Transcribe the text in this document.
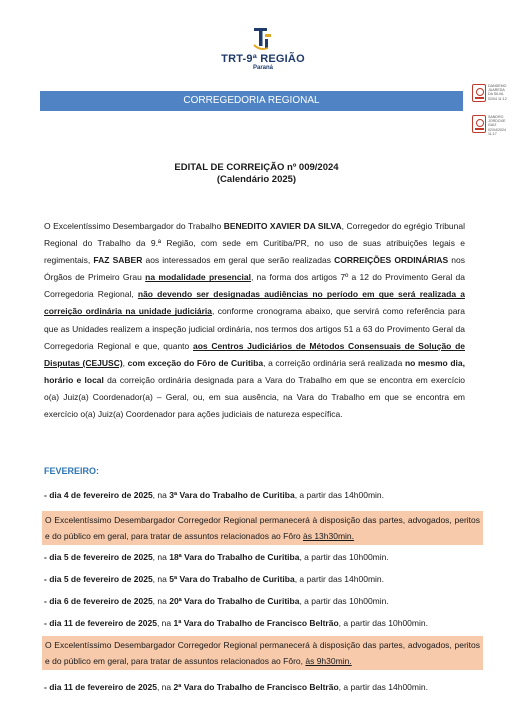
TRT-9ª REGIÃO
Paraná
CORREGEDORIA REGIONAL
DANDEMO JUAREDA DA SILVA 02/04 11:12
SANDRO JORDOXE GAIZ 02/04/2024 11:17
EDITAL DE CORREIÇÃO nº 009/2024
(Calendário 2025)
O Excelentíssimo Desembargador do Trabalho BENEDITO XAVIER DA SILVA, Corregedor do egrégio Tribunal Regional do Trabalho da 9.ª Região, com sede em Curitiba/PR, no uso de suas atribuições legais e regimentais, FAZ SABER aos interessados em geral que serão realizadas CORREIÇÕES ORDINÁRIAS nos Órgãos de Primeiro Grau na modalidade presencial, na forma dos artigos 7º a 12 do Provimento Geral da Corregedoria Regional, não devendo ser designadas audiências no período em que será realizada a correição ordinária na unidade judiciária, conforme cronograma abaixo, que servirá como referência para que as Unidades realizem a inspeção judicial ordinária, nos termos dos artigos 51 a 63 do Provimento Geral da Corregedoria Regional e que, quanto aos Centros Judiciários de Métodos Consensuais de Solução de Disputas (CEJUSC), com exceção do Fôro de Curitiba, a correição ordinária será realizada no mesmo dia, horário e local da correição ordinária designada para a Vara do Trabalho em que se encontra em exercício o(a) Juiz(a) Coordenador(a) – Geral, ou, em sua ausência, na Vara do Trabalho em que se encontra em exercício o(a) Juiz(a) Coordenador para ações judiciais de natureza específica.
FEVEREIRO:
- dia 4 de fevereiro de 2025, na 3ª Vara do Trabalho de Curitiba, a partir das 14h00min.
O Excelentíssimo Desembargador Corregedor Regional permanecerá à disposição das partes, advogados, peritos e do público em geral, para tratar de assuntos relacionados ao Fôro às 13h30min.
- dia 5 de fevereiro de 2025, na 18ª Vara do Trabalho de Curitiba, a partir das 10h00min.
- dia 5 de fevereiro de 2025, na 5ª Vara do Trabalho de Curitiba, a partir das 14h00min.
- dia 6 de fevereiro de 2025, na 20ª Vara do Trabalho de Curitiba, a partir das 10h00min.
- dia 11 de fevereiro de 2025, na 1ª Vara do Trabalho de Francisco Beltrão, a partir das 10h00min.
O Excelentíssimo Desembargador Corregedor Regional permanecerá à disposição das partes, advogados, peritos e do público em geral, para tratar de assuntos relacionados ao Fôro, às 9h30min.
- dia 11 de fevereiro de 2025, na 2ª Vara do Trabalho de Francisco Beltrão, a partir das 14h00min.
